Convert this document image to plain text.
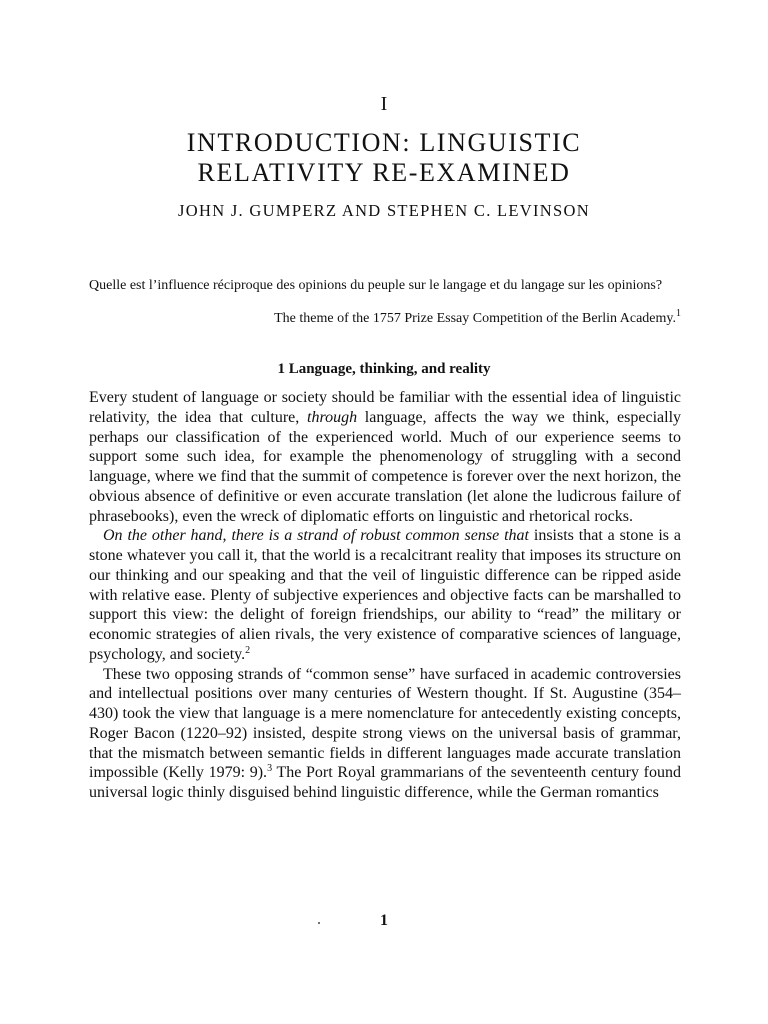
I
INTRODUCTION: LINGUISTIC
RELATIVITY RE-EXAMINED
JOHN J. GUMPERZ AND STEPHEN C. LEVINSON
Quelle est l’influence réciproque des opinions du peuple sur le langage et du langage sur les opinions?
The theme of the 1757 Prize Essay Competition of the Berlin Academy.$^1$
1 Language, thinking, and reality

Every student of language or society should be familiar with the essential idea of linguistic relativity, the idea that culture, through language, affects the way we think, especially perhaps our classification of the experienced world. Much of our experience seems to support some such idea, for example the phenomenology of struggling with a second language, where we find that the summit of competence is forever over the next horizon, the obvious absence of definitive or even accurate translation (let alone the ludicrous failure of phrasebooks), even the wreck of diplomatic efforts on linguistic and rhetorical rocks.

On the other hand, there is a strand of robust common sense that insists that a stone is a stone whatever you call it, that the world is a recalcitrant reality that imposes its structure on our thinking and our speaking and that the veil of linguistic difference can be ripped aside with relative ease. Plenty of subjective experiences and objective facts can be marshalled to support this view: the delight of foreign friendships, our ability to “read” the military or economic strategies of alien rivals, the very existence of comparative sciences of language, psychology, and society.$^2$

These two opposing strands of “common sense” have surfaced in academic controversies and intellectual positions over many centuries of Western thought. If St. Augustine (354–430) took the view that language is a mere nomenclature for antecedently existing concepts, Roger Bacon (1220–92) insisted, despite strong views on the universal basis of grammar, that the mismatch between semantic fields in different languages made accurate translation impossible (Kelly 1979: 9).$^3$ The Port Royal grammarians of the seventeenth century found universal logic thinly disguised behind linguistic difference, while the German romantics

1
